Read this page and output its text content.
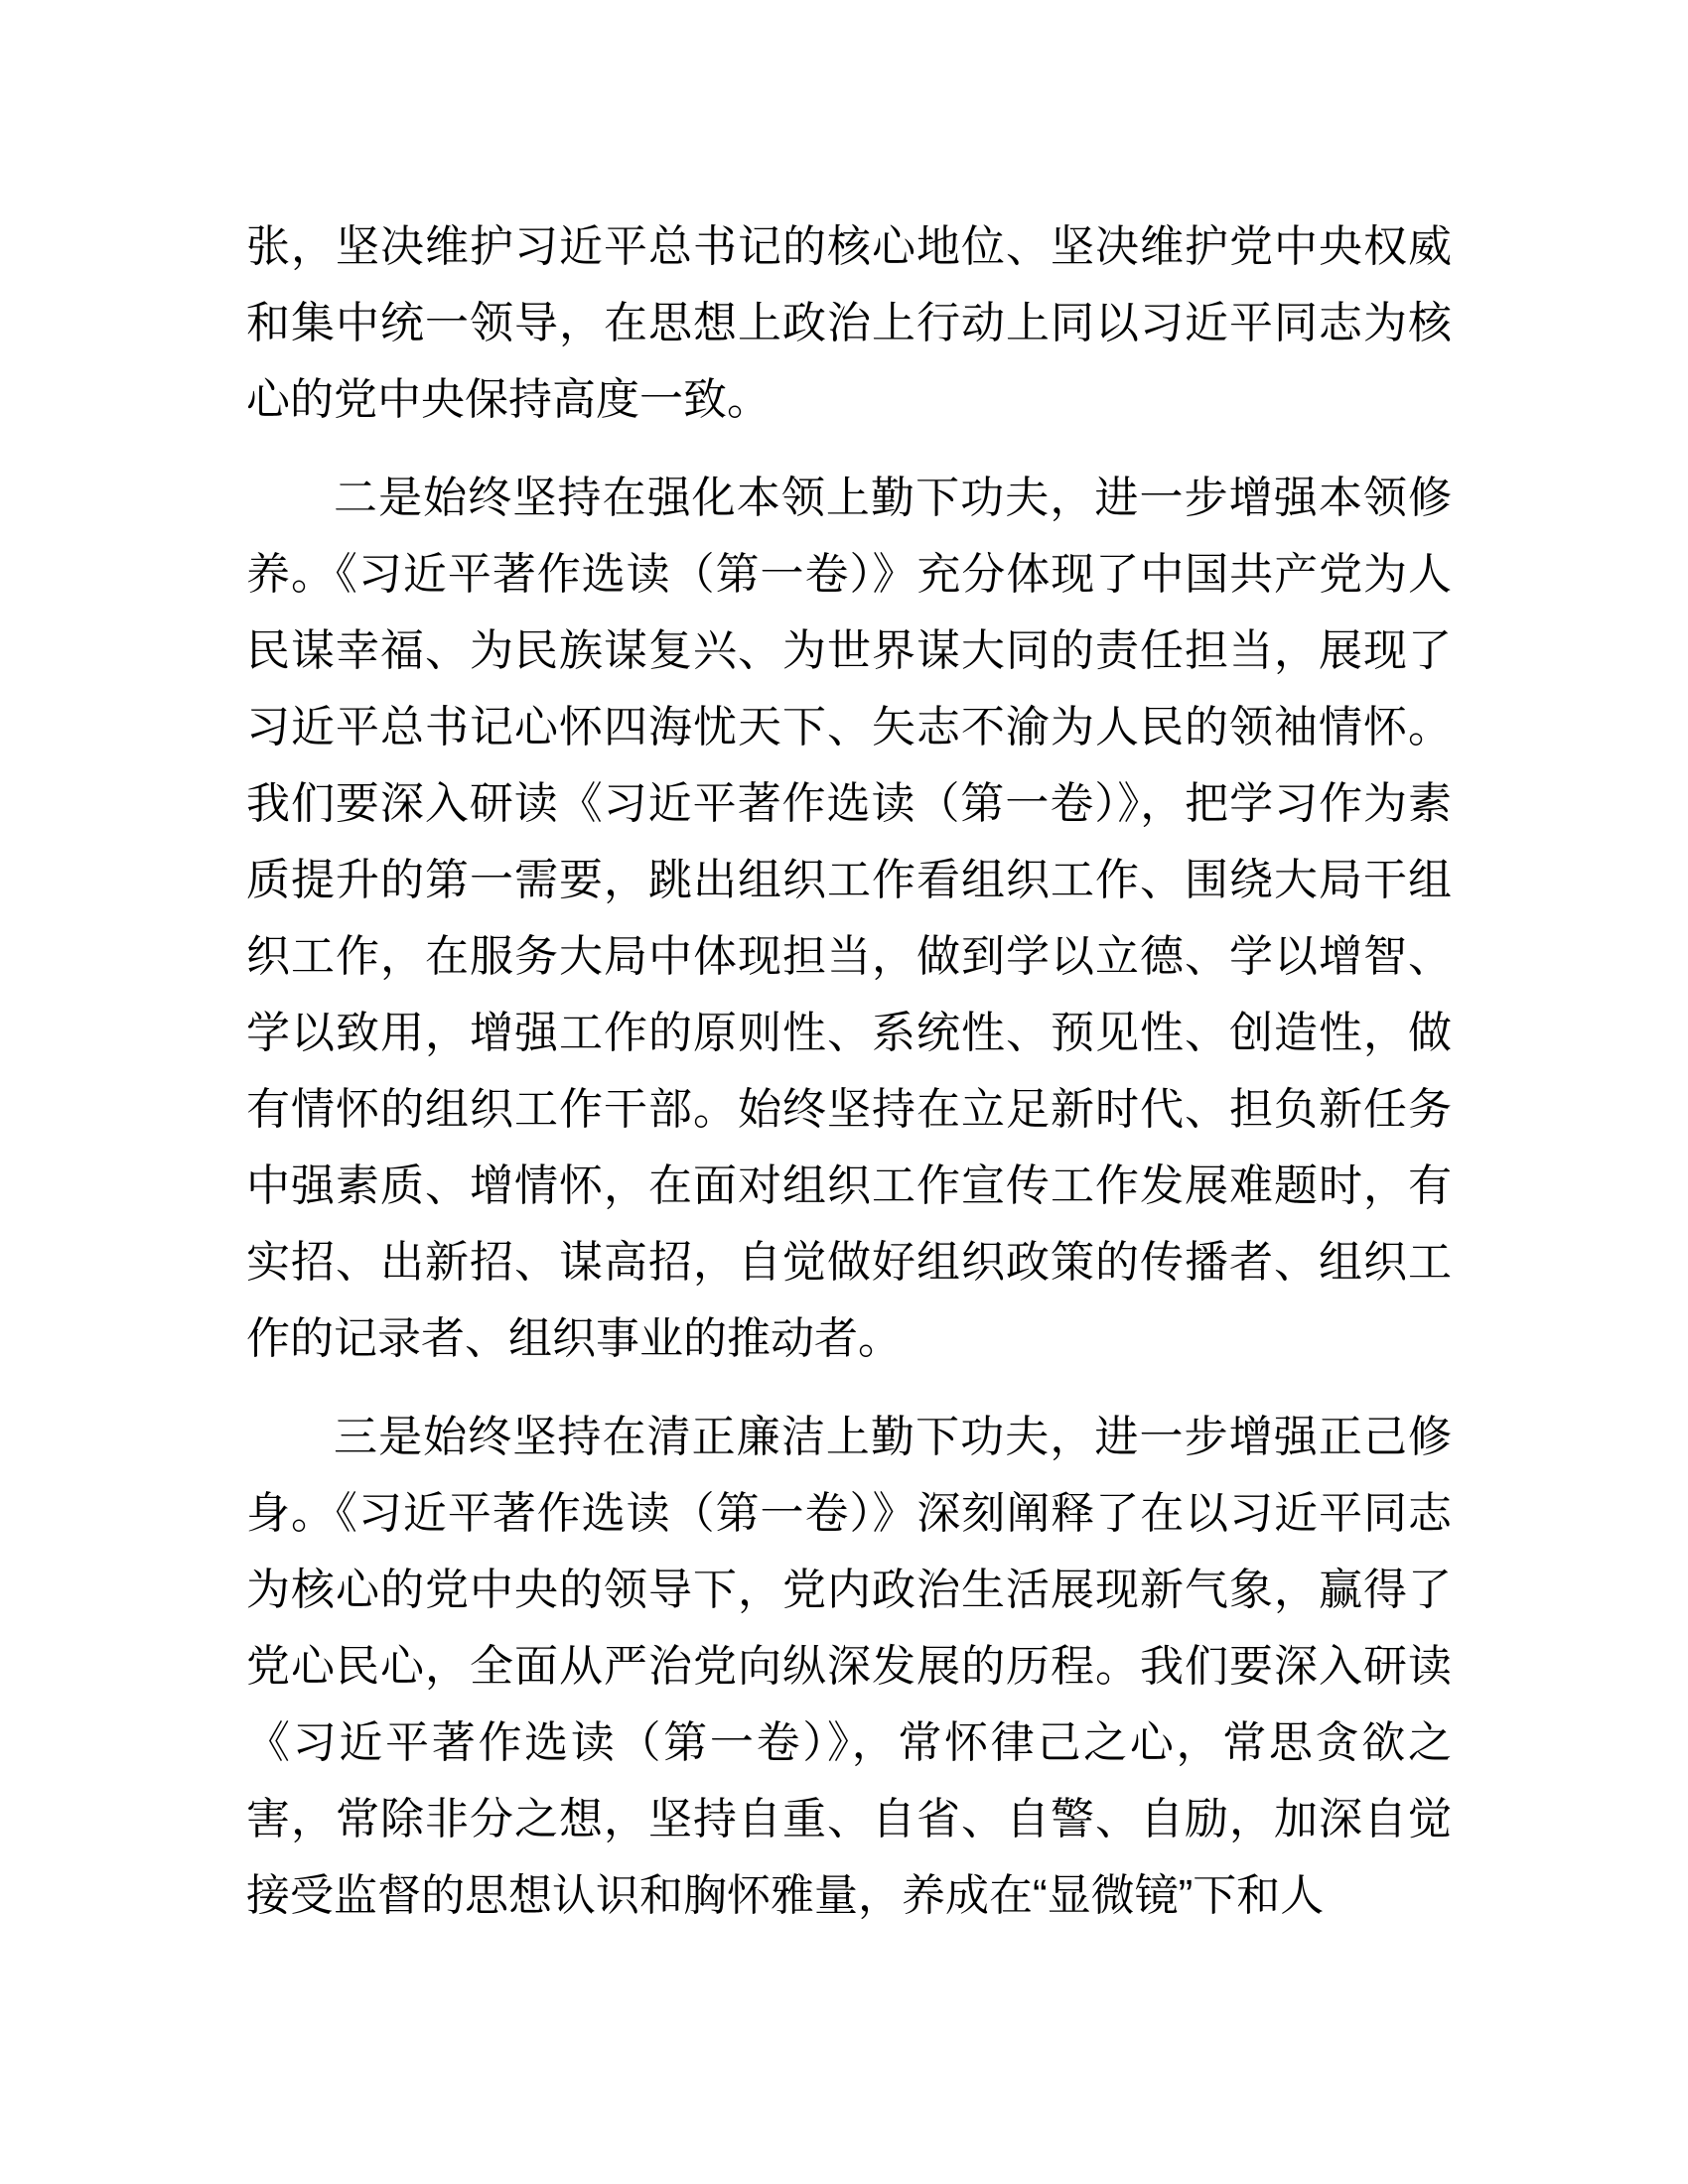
张，坚决维护习近平总书记的核心地位、坚决维护党中央权威和集中统一领导，在思想上政治上行动上同以习近平同志为核心的党中央保持高度一致。

二是始终坚持在强化本领上勤下功夫，进一步增强本领修养。《习近平著作选读（第一卷）》充分体现了中国共产党为人民谋幸福、为民族谋复兴、为世界谋大同的责任担当，展现了习近平总书记心怀四海忧天下、矢志不渝为人民的领袖情怀。我们要深入研读《习近平著作选读（第一卷）》，把学习作为素质提升的第一需要，跳出组织工作看组织工作、围绕大局干组织工作，在服务大局中体现担当，做到学以立德、学以增智、学以致用，增强工作的原则性、系统性、预见性、创造性，做有情怀的组织工作干部。始终坚持在立足新时代、担负新任务中强素质、增情怀，在面对组织工作宣传工作发展难题时，有实招、出新招、谋高招，自觉做好组织政策的传播者、组织工作的记录者、组织事业的推动者。

三是始终坚持在清正廉洁上勤下功夫，进一步增强正己修身。《习近平著作选读（第一卷）》深刻阐释了在以习近平同志为核心的党中央的领导下，党内政治生活展现新气象，赢得了党心民心，全面从严治党向纵深发展的历程。我们要深入研读《习近平著作选读（第一卷）》，常怀律己之心，常思贪欲之害，常除非分之想，坚持自重、自省、自警、自励，加深自觉接受监督的思想认识和胸怀雅量，养成在“显微镜”下和人
